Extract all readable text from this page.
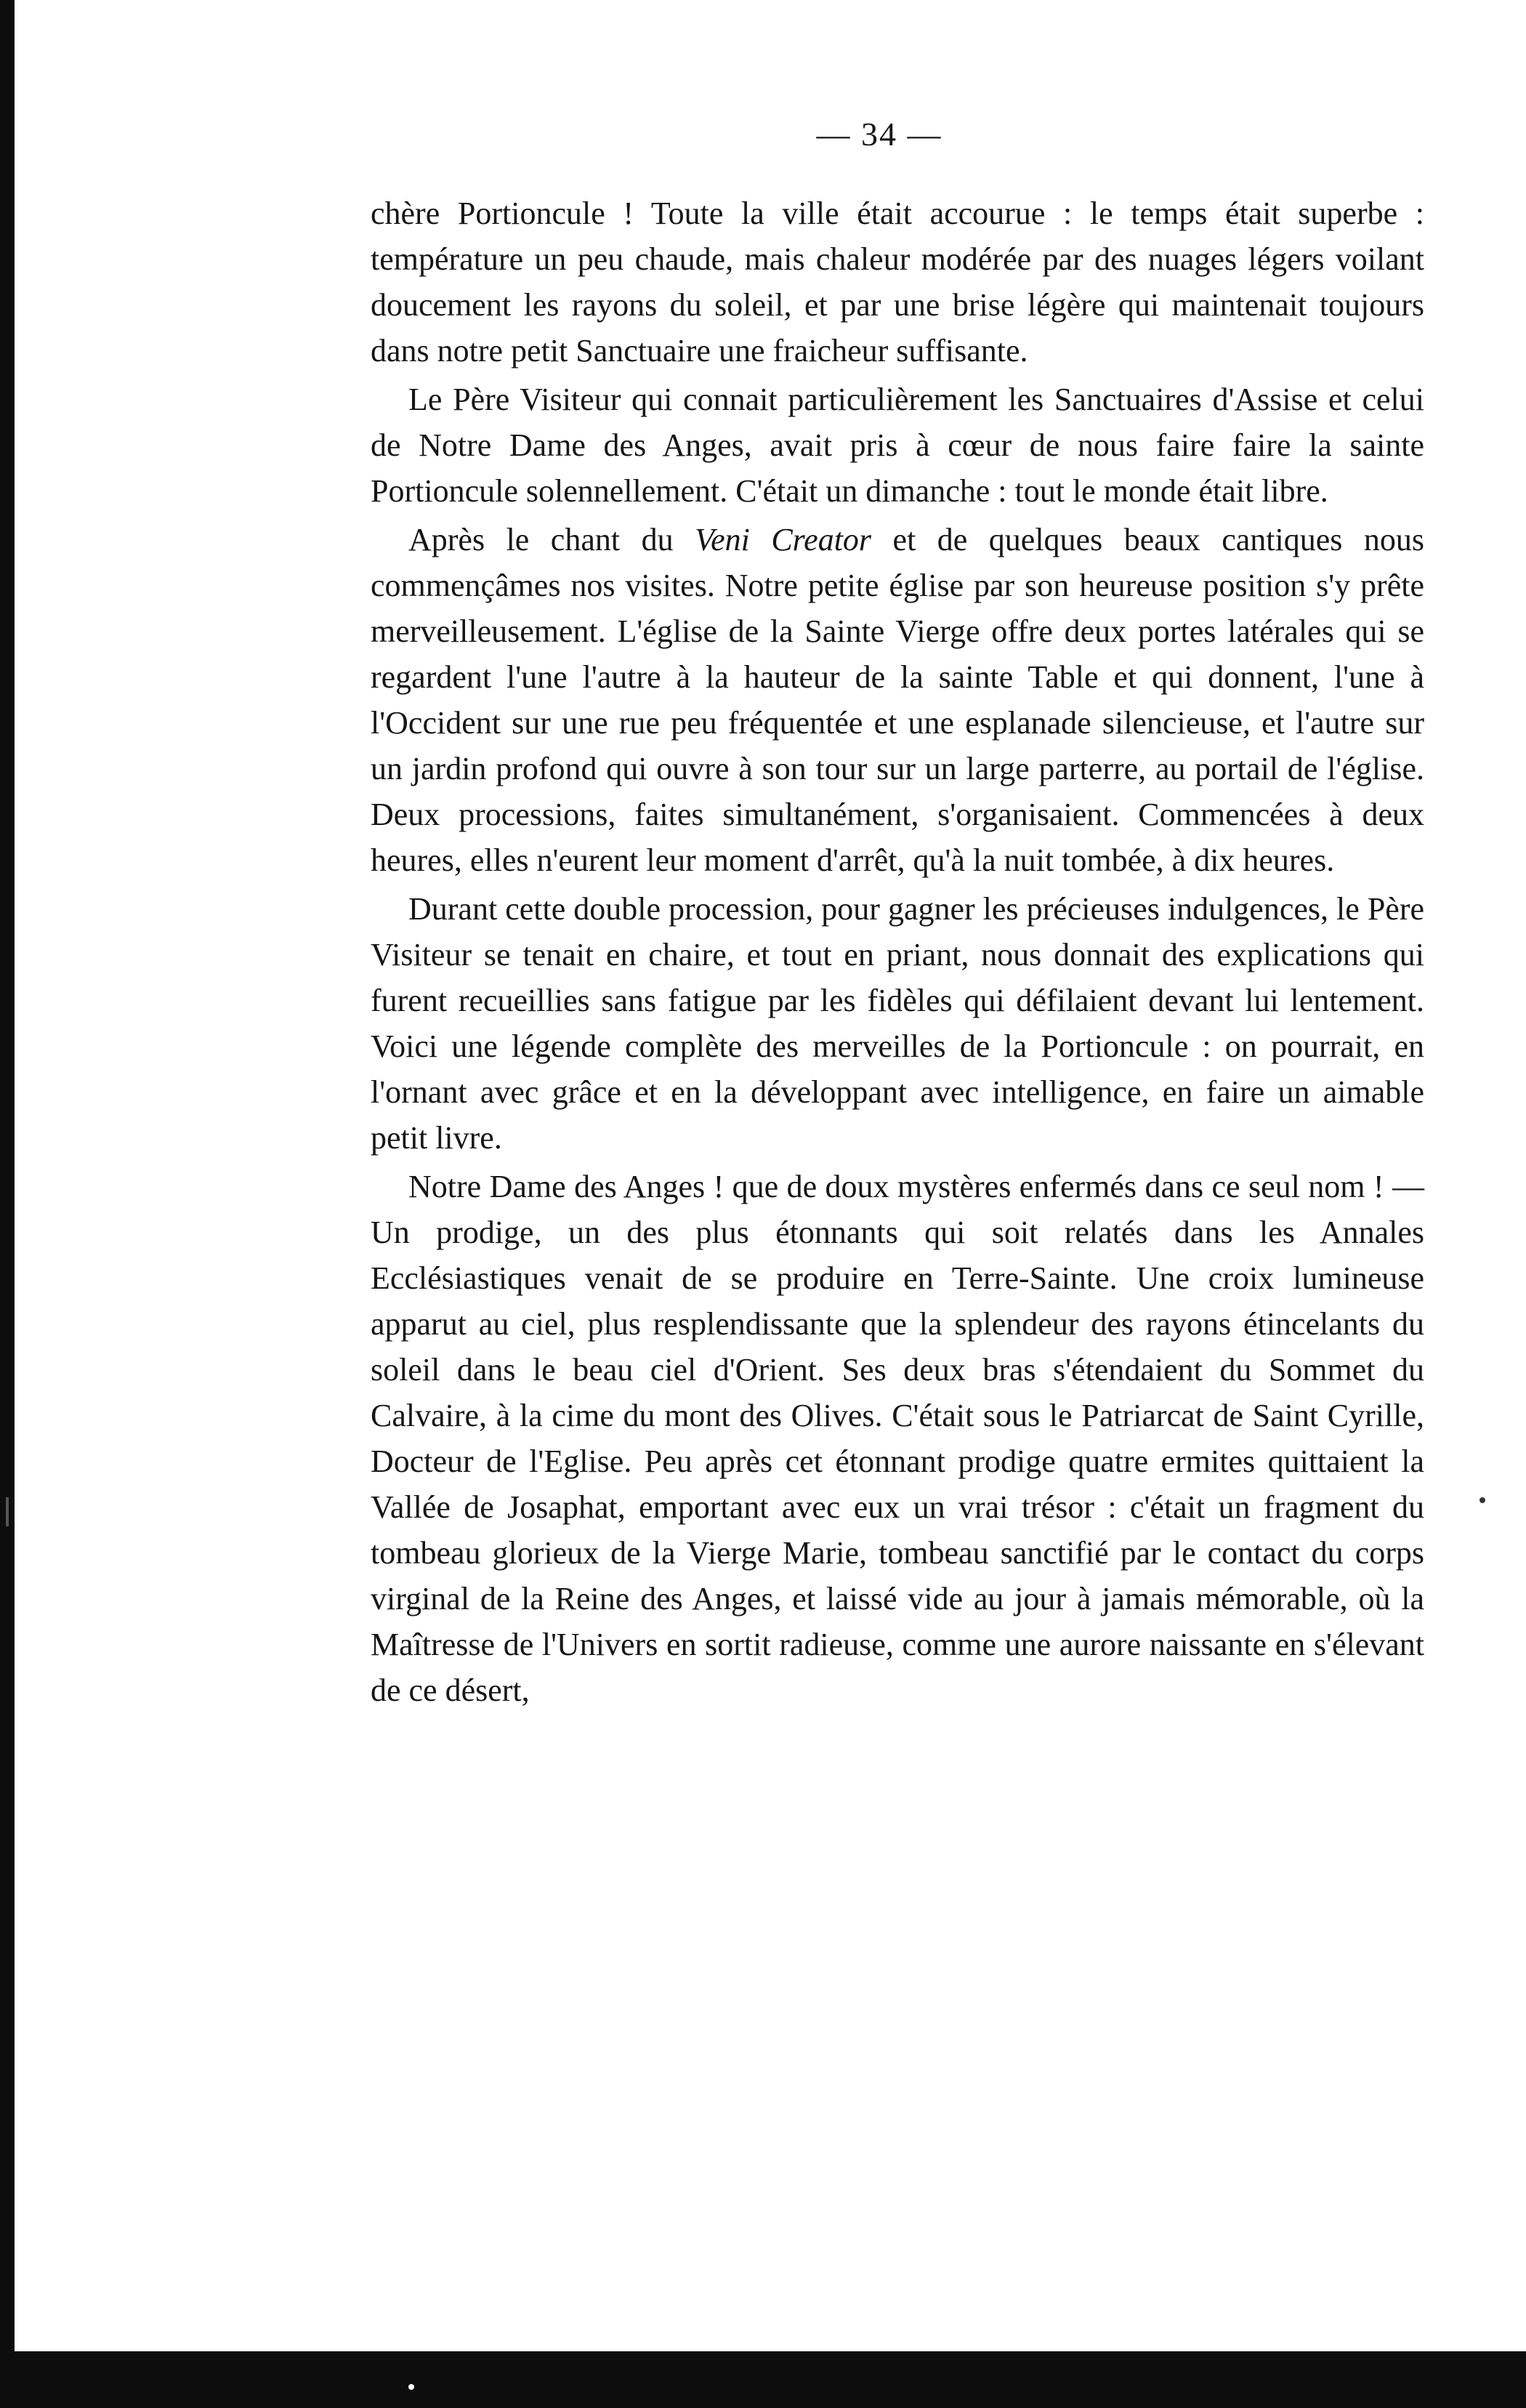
— 34 —

chère Portioncule ! Toute la ville était accourue : le temps était superbe : température un peu chaude, mais chaleur modérée par des nuages légers voilant doucement les rayons du soleil, et par une brise légère qui maintenait toujours dans notre petit Sanctuaire une fraicheur suffisante.

Le Père Visiteur qui connait particulièrement les Sanctuaires d'Assise et celui de Notre Dame des Anges, avait pris à cœur de nous faire faire la sainte Portioncule solennellement. C'était un dimanche : tout le monde était libre.

Après le chant du Veni Creator et de quelques beaux cantiques nous commençâmes nos visites. Notre petite église par son heureuse position s'y prête merveilleusement. L'église de la Sainte Vierge offre deux portes latérales qui se regardent l'une l'autre à la hauteur de la sainte Table et qui donnent, l'une à l'Occident sur une rue peu fréquentée et une esplanade silencieuse, et l'autre sur un jardin profond qui ouvre à son tour sur un large parterre, au portail de l'église. Deux processions, faites simultanément, s'organisaient. Commencées à deux heures, elles n'eurent leur moment d'arrêt, qu'à la nuit tombée, à dix heures.

Durant cette double procession, pour gagner les précieuses indulgences, le Père Visiteur se tenait en chaire, et tout en priant, nous donnait des explications qui furent recueillies sans fatigue par les fidèles qui défilaient devant lui lentement. Voici une légende complète des merveilles de la Portioncule : on pourrait, en l'ornant avec grâce et en la développant avec intelligence, en faire un aimable petit livre.

Notre Dame des Anges ! que de doux mystères enfermés dans ce seul nom ! — Un prodige, un des plus étonnants qui soit relatés dans les Annales Ecclésiastiques venait de se produire en Terre-Sainte. Une croix lumineuse apparut au ciel, plus resplendissante que la splendeur des rayons étincelants du soleil dans le beau ciel d'Orient. Ses deux bras s'étendaient du Sommet du Calvaire, à la cime du mont des Olives. C'était sous le Patriarcat de Saint Cyrille, Docteur de l'Eglise. Peu après cet étonnant prodige quatre ermites quittaient la Vallée de Josaphat, emportant avec eux un vrai trésor : c'était un fragment du tombeau glorieux de la Vierge Marie, tombeau sanctifié par le contact du corps virginal de la Reine des Anges, et laissé vide au jour à jamais mémorable, où la Maîtresse de l'Univers en sortit radieuse, comme une aurore naissante en s'élevant de ce désert,
